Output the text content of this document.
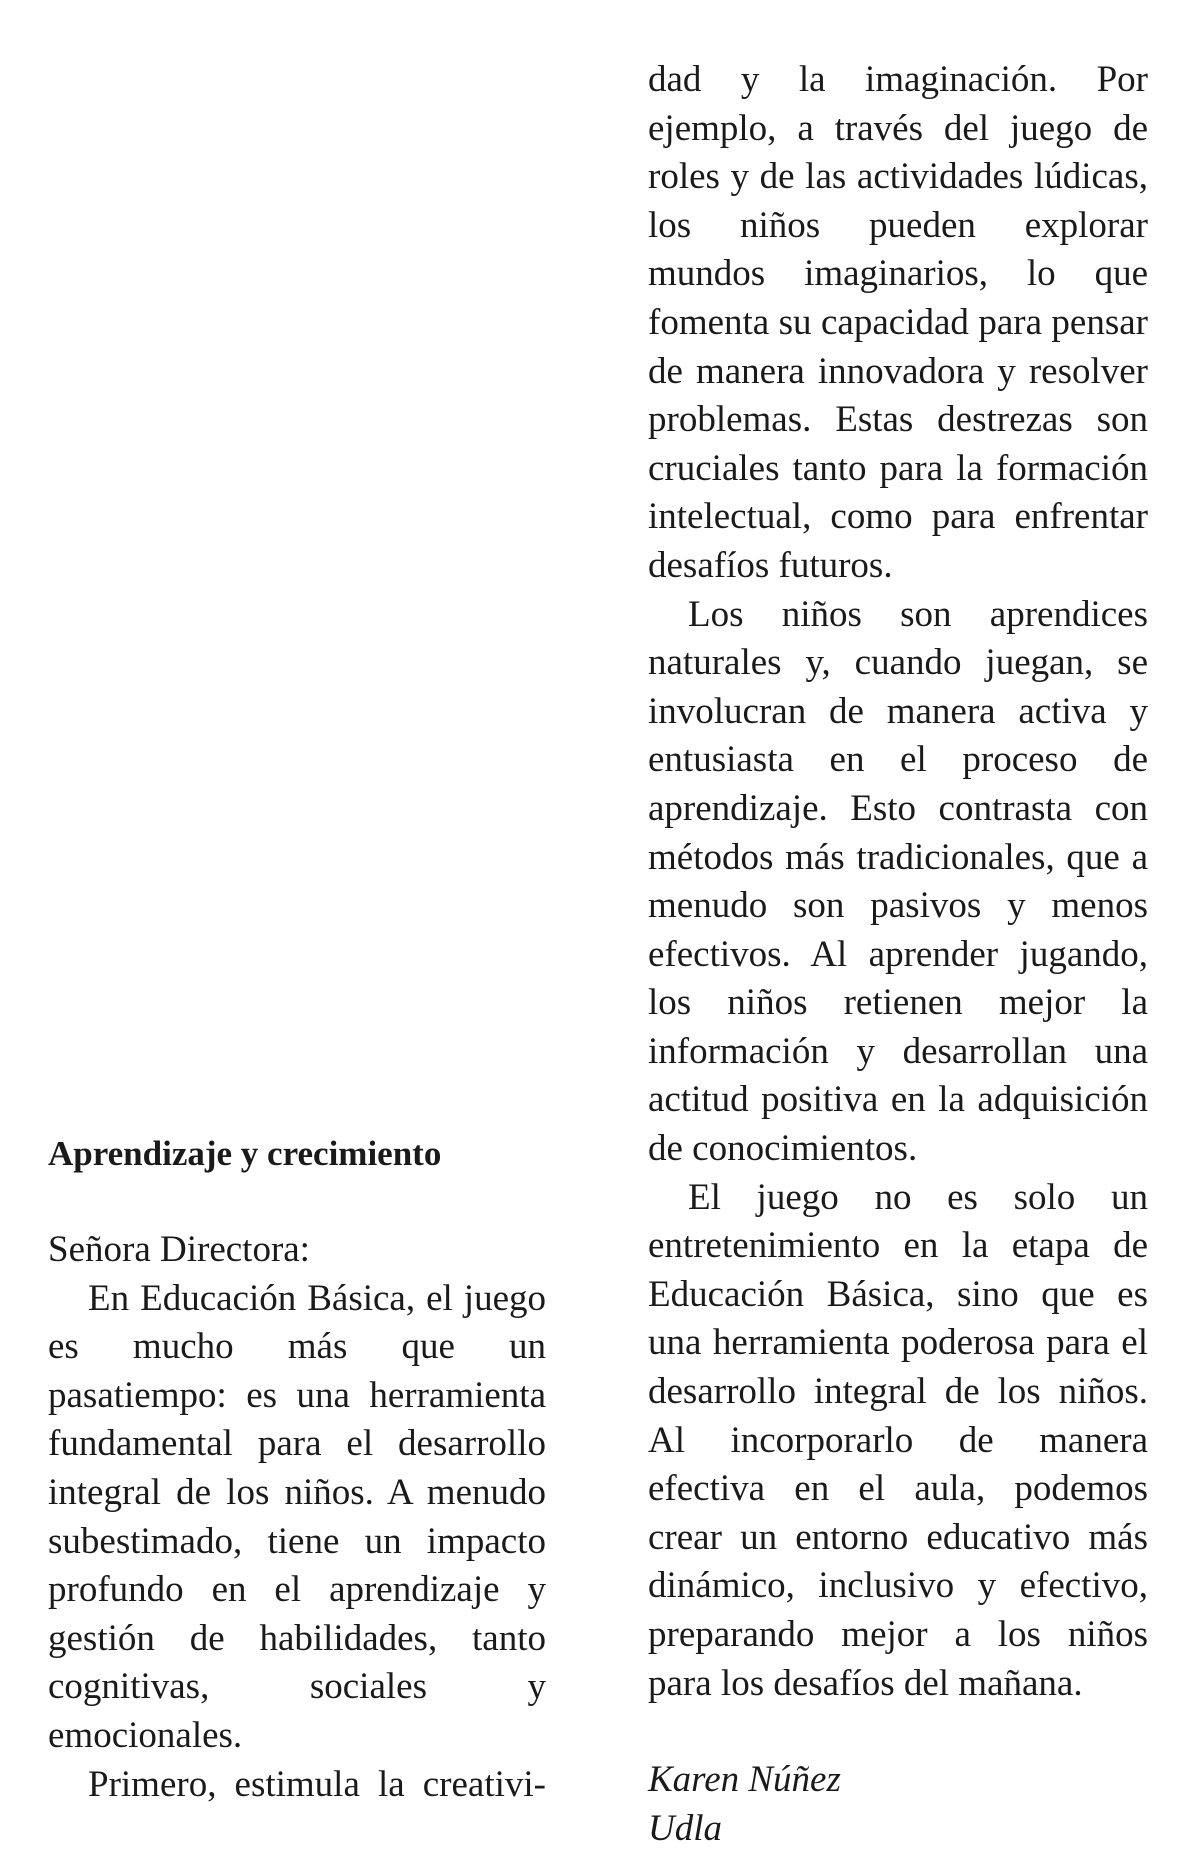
Aprendizaje y crecimiento

Señora Directora:

En Educación Básica, el juego es mucho más que un pasatiempo: es una herramienta fundamental para el desarrollo integral de los niños. A menudo subestimado, tiene un impacto profundo en el aprendizaje y gestión de habilidades, tanto cognitivas, sociales y emocionales.

Primero, estimula la creativi-

dad y la imaginación. Por ejemplo, a través del juego de roles y de las actividades lúdicas, los niños pueden explorar mundos imaginarios, lo que fomenta su capacidad para pensar de manera innovadora y resolver problemas. Estas destrezas son cruciales tanto para la formación intelectual, como para enfrentar desafíos futuros.

Los niños son aprendices naturales y, cuando juegan, se involucran de manera activa y entusiasta en el proceso de aprendizaje. Esto contrasta con métodos más tradicionales, que a menudo son pasivos y menos efectivos. Al aprender jugando, los niños retienen mejor la información y desarrollan una actitud positiva en la adquisición de conocimientos.

El juego no es solo un entretenimiento en la etapa de Educación Básica, sino que es una herramienta poderosa para el desarrollo integral de los niños. Al incorporarlo de manera efectiva en el aula, podemos crear un entorno educativo más dinámico, inclusivo y efectivo, preparando mejor a los niños para los desafíos del mañana.

Karen Núñez
Udla
